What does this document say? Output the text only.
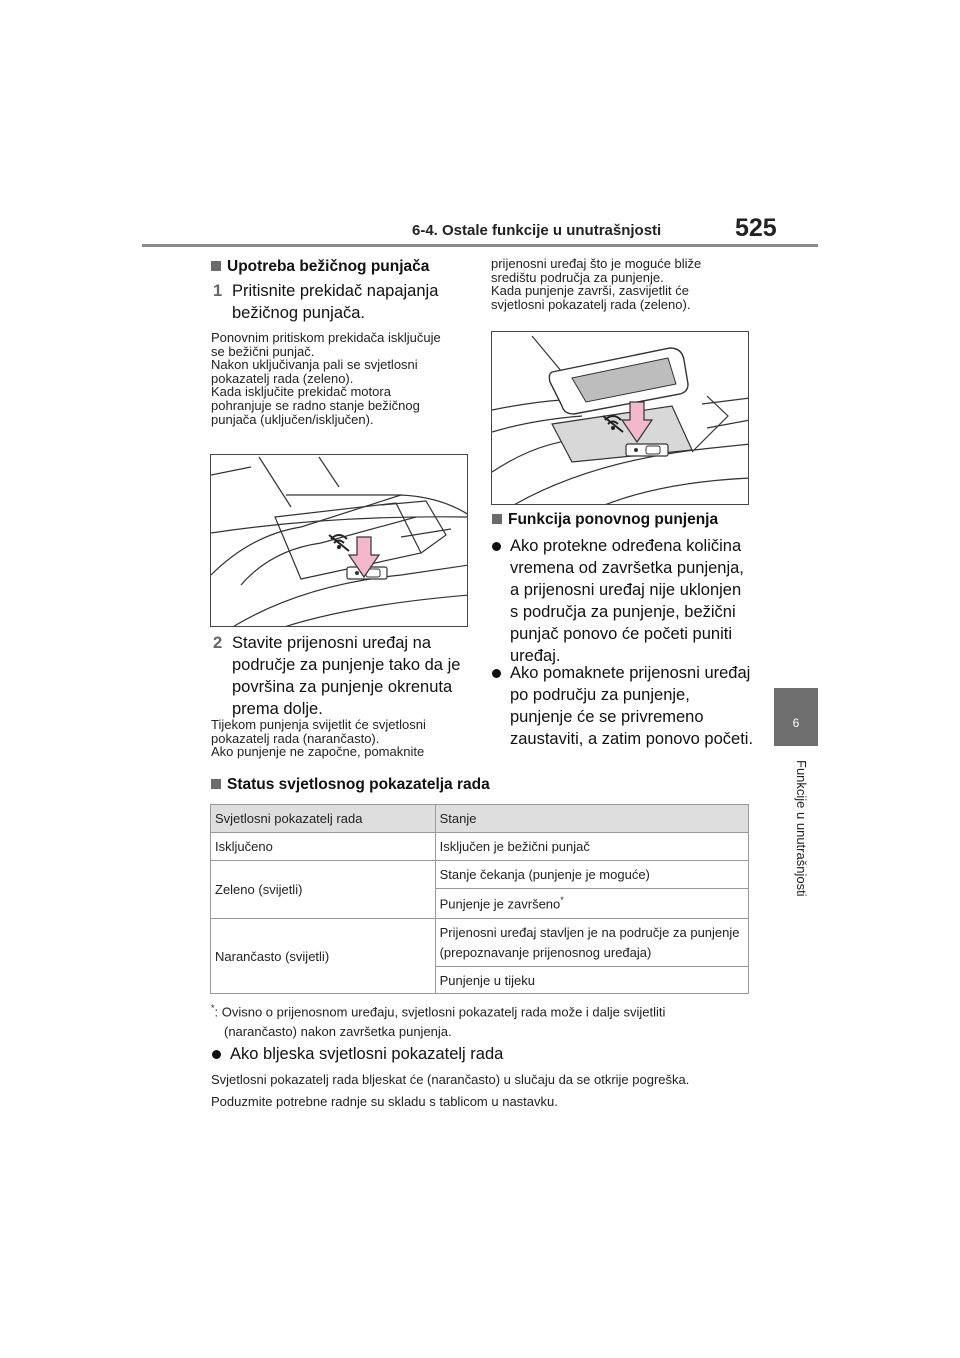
6-4. Ostale funkcije u unutrašnjosti	525
6
Funkcije u unutrašnjosti
Upotreba bežičnog punjača
1 Pritisnite prekidač napajanja
bežičnog punjača.
Ponovnim pritiskom prekidača isključuje
se bežični punjač.
Nakon uključivanja pali se svjetlosni
pokazatelj rada (zeleno).
Kada isključite prekidač motora
pohranjuje se radno stanje bežičnog
punjača (uključen/isključen).
2 Stavite prijenosni uređaj na
područje za punjenje tako da je
površina za punjenje okrenuta
prema dolje.
Tijekom punjenja svijetlit će svjetlosni
pokazatelj rada (narančasto).
Ako punjenje ne započne, pomaknite
prijenosni uređaj što je moguće bliže
središtu područja za punjenje.
Kada punjenje završi, zasvijetlit će
svjetlosni pokazatelj rada (zeleno).
Funkcija ponovnog punjenja
Ako protekne određena količina
vremena od završetka punjenja,
a prijenosni uređaj nije uklonjen
s područja za punjenje, bežični
punjač ponovo će početi puniti
uređaj.
Ako pomaknete prijenosni uređaj
po području za punjenje,
punjenje će se privremeno
zaustaviti, a zatim ponovo početi.
Status svjetlosnog pokazatelja rada
Svjetlosni pokazatelj rada	Stanje
Isključeno	Isključen je bežični punjač
Zeleno (svijetli)	Stanje čekanja (punjenje je moguće)
	Punjenje je završeno*
Narančasto (svijetli)	Prijenosni uređaj stavljen je na područje za punjenje (prepoznavanje prijenosnog uređaja)
	Punjenje u tijeku
*: Ovisno o prijenosnom uređaju, svjetlosni pokazatelj rada može i dalje svijetliti
(narančasto) nakon završetka punjenja.
Ako bljeska svjetlosni pokazatelj rada
Svjetlosni pokazatelj rada bljeskat će (narančasto) u slučaju da se otkrije pogreška.
Poduzmite potrebne radnje su skladu s tablicom u nastavku.
